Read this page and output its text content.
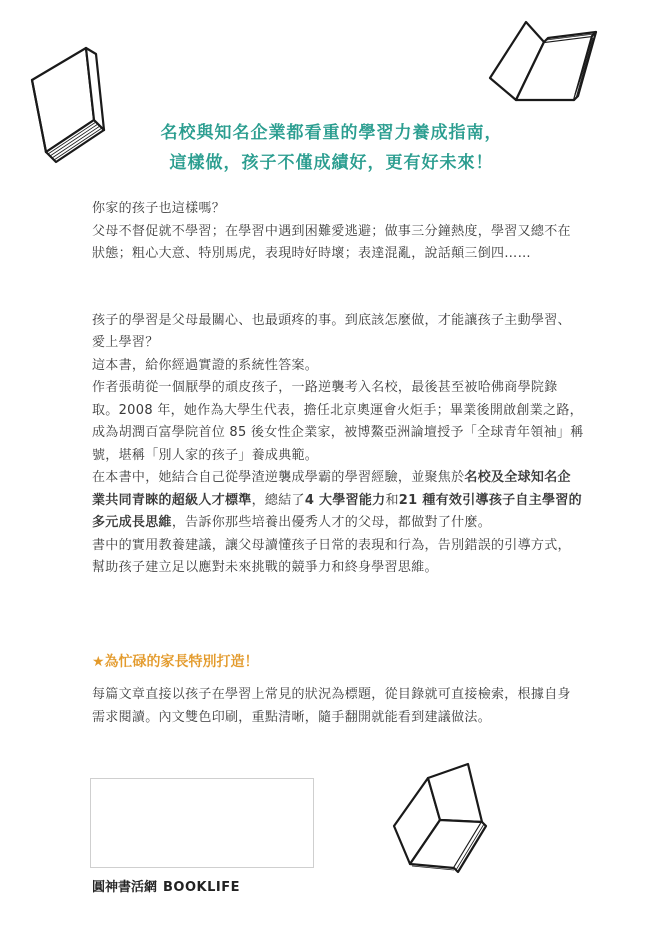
名校與知名企業都看重的學習力養成指南，
這樣做，孩子不僅成績好，更有好未來！

你家的孩子也這樣嗎？

父母不督促就不學習；在學習中遇到困難愛逃避；做事三分鐘熱度，學習又總不在狀態；粗心大意、特別馬虎，表現時好時壞；表達混亂，說話顛三倒四……

孩子的學習是父母最關心、也最頭疼的事。到底該怎麼做，才能讓孩子主動學習、愛上學習？

這本書，給你經過實證的系統性答案。

作者張萌從一個厭學的頑皮孩子，一路逆襲考入名校，最後甚至被哈佛商學院錄取。2008 年，她作為大學生代表，擔任北京奧運會火炬手；畢業後開啟創業之路，成為胡潤百富學院首位 85 後女性企業家，被博鰲亞洲論壇授予「全球青年領袖」稱號，堪稱「別人家的孩子」養成典範。

在本書中，她結合自己從學渣逆襲成學霸的學習經驗，並聚焦於名校及全球知名企業共同青睞的超級人才標準，總結了4 大學習能力和21 種有效引導孩子自主學習的多元成長思維，告訴你那些培養出優秀人才的父母，都做對了什麼。

書中的實用教養建議，讓父母讀懂孩子日常的表現和行為，告別錯誤的引導方式，幫助孩子建立足以應對未來挑戰的競爭力和終身學習思維。

★為忙碌的家長特別打造！

每篇文章直接以孩子在學習上常見的狀況為標題，從目錄就可直接檢索，根據自身需求閱讀。內文雙色印刷，重點清晰，隨手翻開就能看到建議做法。

圓神書活網 BOOKLIFE
